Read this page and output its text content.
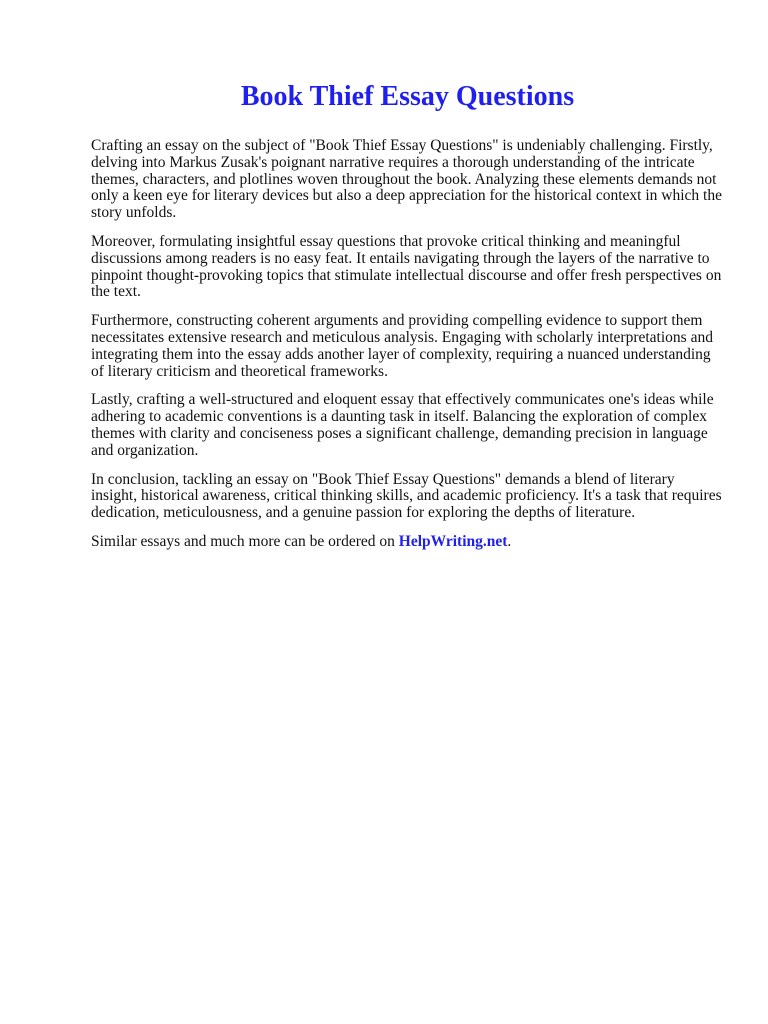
Book Thief Essay Questions

Crafting an essay on the subject of "Book Thief Essay Questions" is undeniably challenging. Firstly, delving into Markus Zusak's poignant narrative requires a thorough understanding of the intricate themes, characters, and plotlines woven throughout the book. Analyzing these elements demands not only a keen eye for literary devices but also a deep appreciation for the historical context in which the story unfolds.

Moreover, formulating insightful essay questions that provoke critical thinking and meaningful discussions among readers is no easy feat. It entails navigating through the layers of the narrative to pinpoint thought-provoking topics that stimulate intellectual discourse and offer fresh perspectives on the text.

Furthermore, constructing coherent arguments and providing compelling evidence to support them necessitates extensive research and meticulous analysis. Engaging with scholarly interpretations and integrating them into the essay adds another layer of complexity, requiring a nuanced understanding of literary criticism and theoretical frameworks.

Lastly, crafting a well-structured and eloquent essay that effectively communicates one's ideas while adhering to academic conventions is a daunting task in itself. Balancing the exploration of complex themes with clarity and conciseness poses a significant challenge, demanding precision in language and organization.

In conclusion, tackling an essay on "Book Thief Essay Questions" demands a blend of literary insight, historical awareness, critical thinking skills, and academic proficiency. It's a task that requires dedication, meticulousness, and a genuine passion for exploring the depths of literature.

Similar essays and much more can be ordered on HelpWriting.net.
